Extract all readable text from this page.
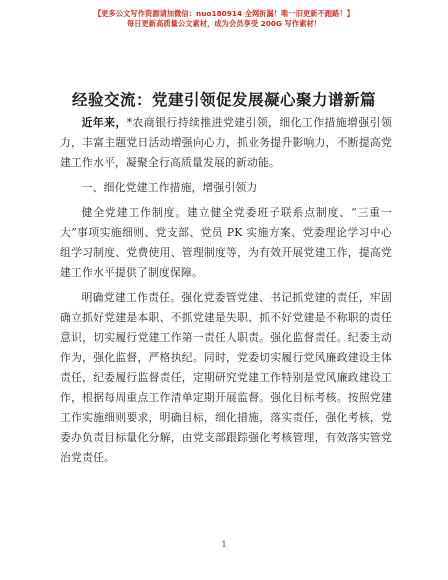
【更多公文写作资源请加微信：nuo180914 全网折漏！唯一旧更新不跑路！】
每日更新高质量公文素材，成为会员享受 200G 写作素材！
经验交流：党建引领促发展凝心聚力谱新篇

近年来，*农商银行持续推进党建引领，细化工作措施增强引领力，丰富主题党日活动增强向心力，抓业务提升影响力，不断提高党建工作水平，凝聚全行高质量发展的新动能。

一、细化党建工作措施，增强引领力

健全党建工作制度。建立健全党委班子联系点制度、“三重一大”事项实施细则、党支部、党员 PK 实施方案、党委理论学习中心组学习制度、党费使用、管理制度等，为有效开展党建工作，提高党建工作水平提供了制度保障。

明确党建工作责任。强化党委管党建、书记抓党建的责任，牢固确立抓好党建是本职、不抓党建是失职、抓不好党建是不称职的责任意识，切实履行党建工作第一责任人职责。强化监督责任。纪委主动作为，强化监督，严格执纪。同时，党委切实履行党风廉政建设主体责任，纪委履行监督责任，定期研究党建工作特别是党风廉政建设工作，根据每周重点工作清单定期开展监督。强化目标考核。按照党建工作实施细则要求，明确目标，细化措施，落实责任，强化考核，党委办负责目标量化分解，由党支部跟踪强化考核管理，有效落实管党治党责任。

1
